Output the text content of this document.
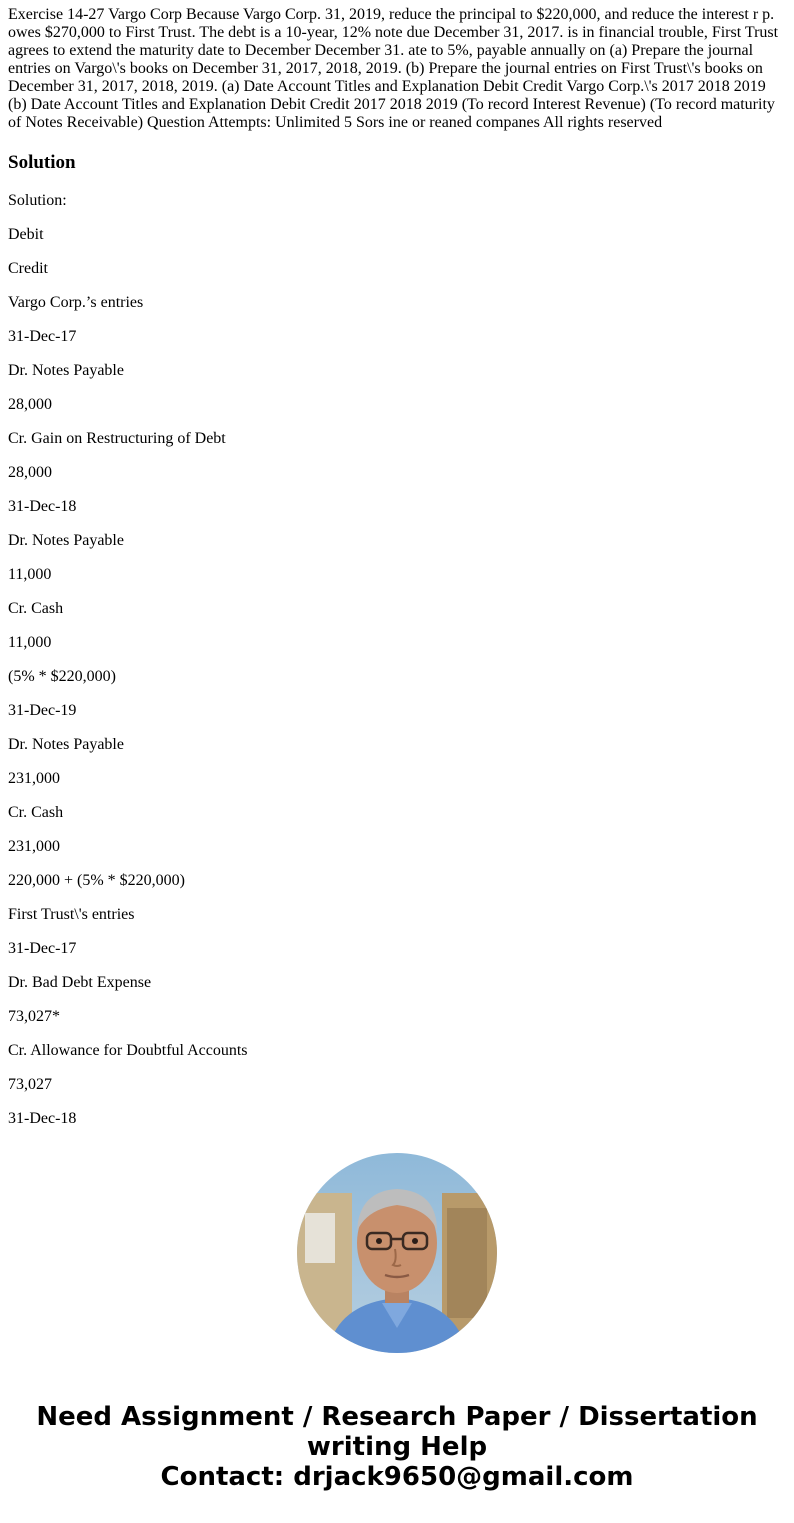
Exercise 14-27 Vargo Corp Because Vargo Corp. 31, 2019, reduce the principal to $220,000, and reduce the interest r p. owes $270,000 to First Trust. The debt is a 10-year, 12% note due December 31, 2017. is in financial trouble, First Trust agrees to extend the maturity date to December December 31. ate to 5%, payable annually on (a) Prepare the journal entries on Vargo\'s books on December 31, 2017, 2018, 2019. (b) Prepare the journal entries on First Trust\'s books on December 31, 2017, 2018, 2019. (a) Date Account Titles and Explanation Debit Credit Vargo Corp.\'s 2017 2018 2019 (b) Date Account Titles and Explanation Debit Credit 2017 2018 2019 (To record Interest Revenue) (To record maturity of Notes Receivable) Question Attempts: Unlimited 5 Sors ine or reaned companes All rights reserved

Solution

Solution:

Debit

Credit

Vargo Corp.’s entries

31-Dec-17

Dr. Notes Payable

28,000

Cr. Gain on Restructuring of Debt

28,000

31-Dec-18

Dr. Notes Payable

11,000

Cr. Cash

11,000

(5% * $220,000)

31-Dec-19

Dr. Notes Payable

231,000

Cr. Cash

231,000

220,000 + (5% * $220,000)

First Trust\'s entries

31-Dec-17

Dr. Bad Debt Expense

73,027*

Cr. Allowance for Doubtful Accounts

73,027

31-Dec-18

Need Assignment / Research Paper / Dissertation
writing Help
Contact: drjack9650@gmail.com
